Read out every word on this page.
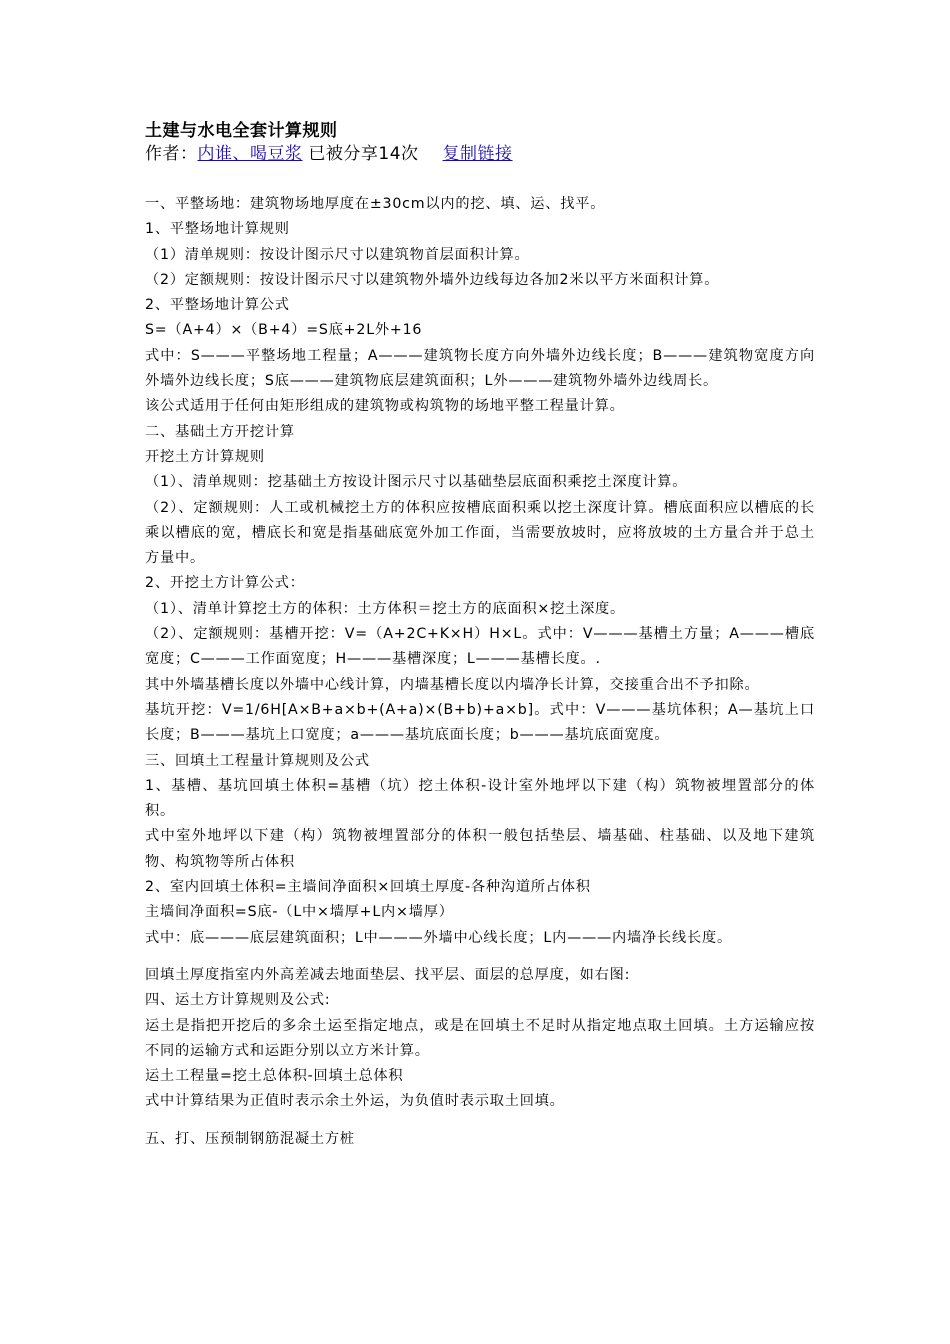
土建与水电全套计算规则
作者：内谁、喝豆浆 已被分享14次 复制链接

一、平整场地：建筑物场地厚度在±30cm以内的挖、填、运、找平。

1、平整场地计算规则

（1）清单规则：按设计图示尺寸以建筑物首层面积计算。

（2）定额规则：按设计图示尺寸以建筑物外墙外边线每边各加2米以平方米面积计算。

2、平整场地计算公式

S=（A+4）×（B+4）=S底+2L外+16

式中：S———平整场地工程量；A———建筑物长度方向外墙外边线长度；B———建筑物宽度方向外墙外边线长度；S底———建筑物底层建筑面积；L外———建筑物外墙外边线周长。

该公式适用于任何由矩形组成的建筑物或构筑物的场地平整工程量计算。

二、基础土方开挖计算

开挖土方计算规则

（1）、清单规则：挖基础土方按设计图示尺寸以基础垫层底面积乘挖土深度计算。

（2）、定额规则：人工或机械挖土方的体积应按槽底面积乘以挖土深度计算。槽底面积应以槽底的长乘以槽底的宽，槽底长和宽是指基础底宽外加工作面，当需要放坡时，应将放坡的土方量合并于总土方量中。

2、开挖土方计算公式：

（1）、清单计算挖土方的体积：土方体积＝挖土方的底面积×挖土深度。

（2）、定额规则：基槽开挖：V=（A+2C+K×H）H×L。式中：V———基槽土方量；A———槽底宽度；C———工作面宽度；H———基槽深度；L———基槽长度。.

其中外墙基槽长度以外墙中心线计算，内墙基槽长度以内墙净长计算，交接重合出不予扣除。

基坑开挖：V=1/6H[A×B+a×b+(A+a)×(B+b)+a×b]。式中：V———基坑体积；A—基坑上口长度；B———基坑上口宽度；a———基坑底面长度；b———基坑底面宽度。

三、回填土工程量计算规则及公式

1、基槽、基坑回填土体积=基槽（坑）挖土体积-设计室外地坪以下建（构）筑物被埋置部分的体积。

式中室外地坪以下建（构）筑物被埋置部分的体积一般包括垫层、墙基础、柱基础、以及地下建筑物、构筑物等所占体积

2、室内回填土体积=主墙间净面积×回填土厚度-各种沟道所占体积

主墙间净面积=S底-（L中×墙厚+L内×墙厚）

式中：底———底层建筑面积；L中———外墙中心线长度；L内———内墙净长线长度。

回填土厚度指室内外高差减去地面垫层、找平层、面层的总厚度，如右图:

四、运土方计算规则及公式:

运土是指把开挖后的多余土运至指定地点，或是在回填土不足时从指定地点取土回填。土方运输应按不同的运输方式和运距分别以立方米计算。

运土工程量=挖土总体积-回填土总体积

式中计算结果为正值时表示余土外运，为负值时表示取土回填。

五、打、压预制钢筋混凝土方桩
